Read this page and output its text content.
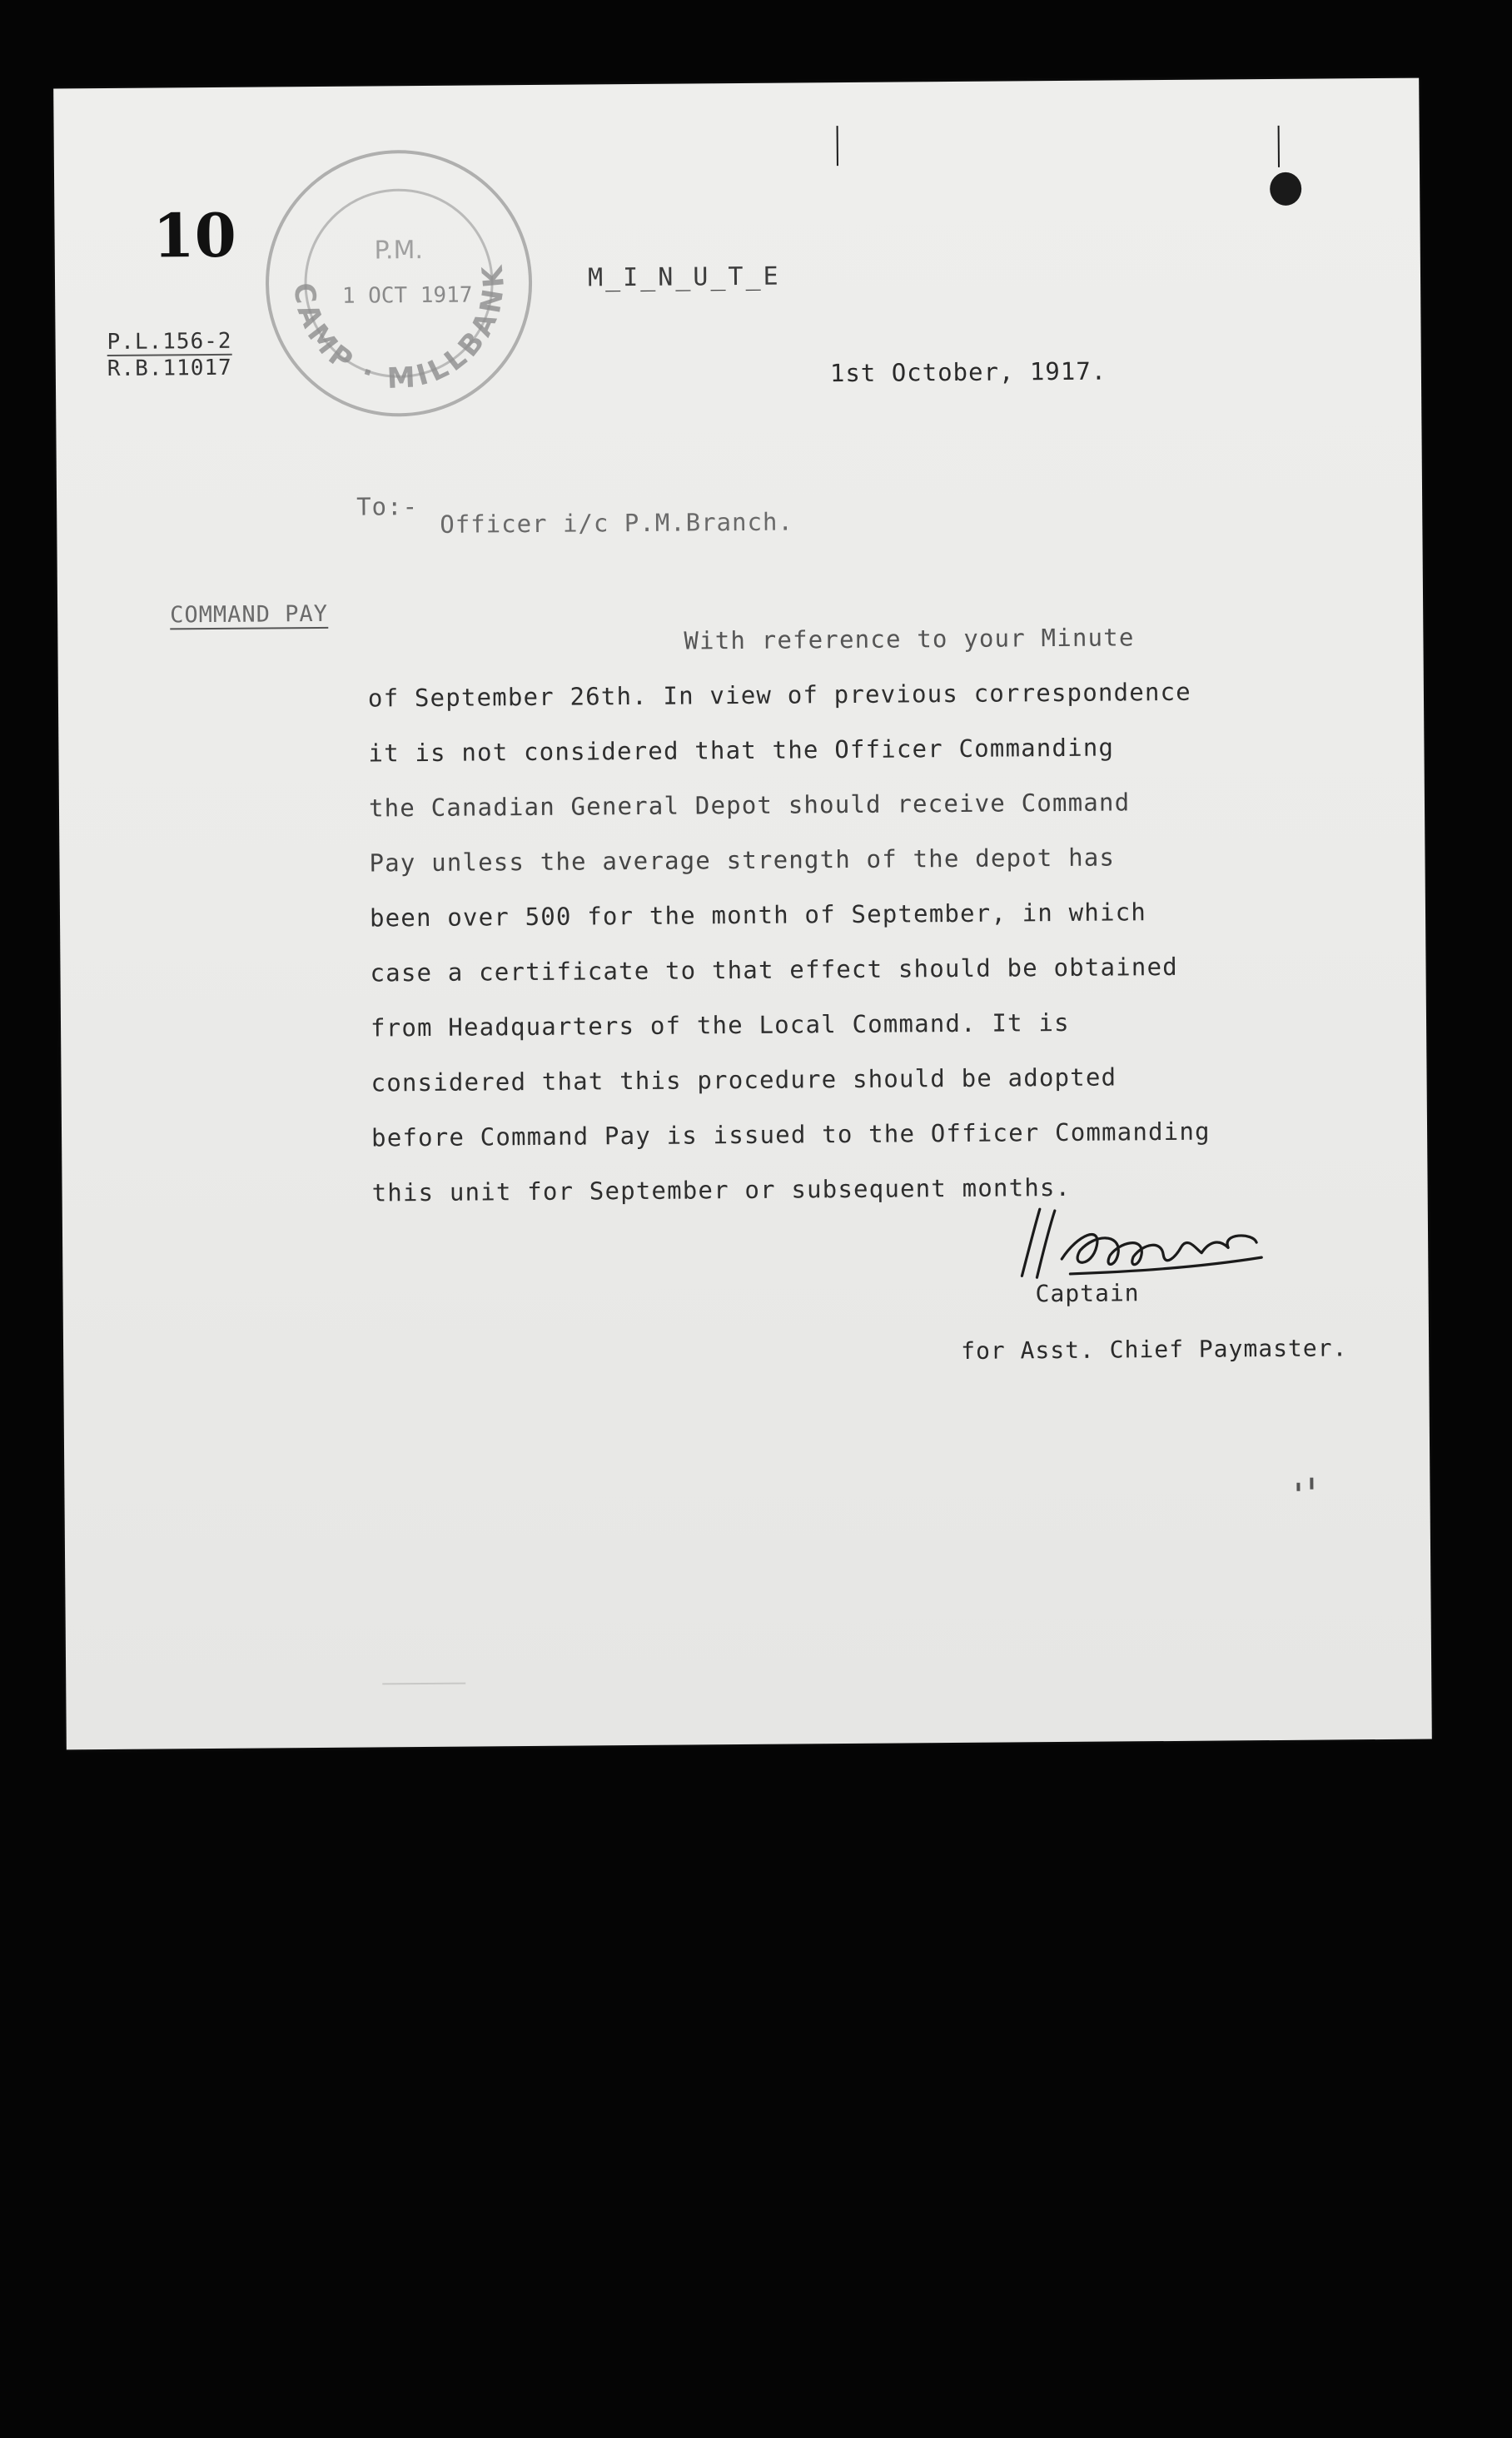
10
P.L.156-2
R.B.11017
CAMP · MILLBANK
P.M.
1 OCT 1917
M_I_N_U_T_E
1st October, 1917.
To:-
Officer i/c P.M.Branch.
COMMAND PAY
With reference to your Minute
of September 26th. In view of previous correspondence
it is not considered that the Officer Commanding
the Canadian General Depot should receive Command
Pay unless the average strength of the depot has
been over 500 for the month of September, in which
case a certificate to that effect should be obtained
from Headquarters of the Local Command. It is
considered that this procedure should be adopted
before Command Pay is issued to the Officer Commanding
this unit for September or subsequent months.
Captain
for Asst. Chief Paymaster.
